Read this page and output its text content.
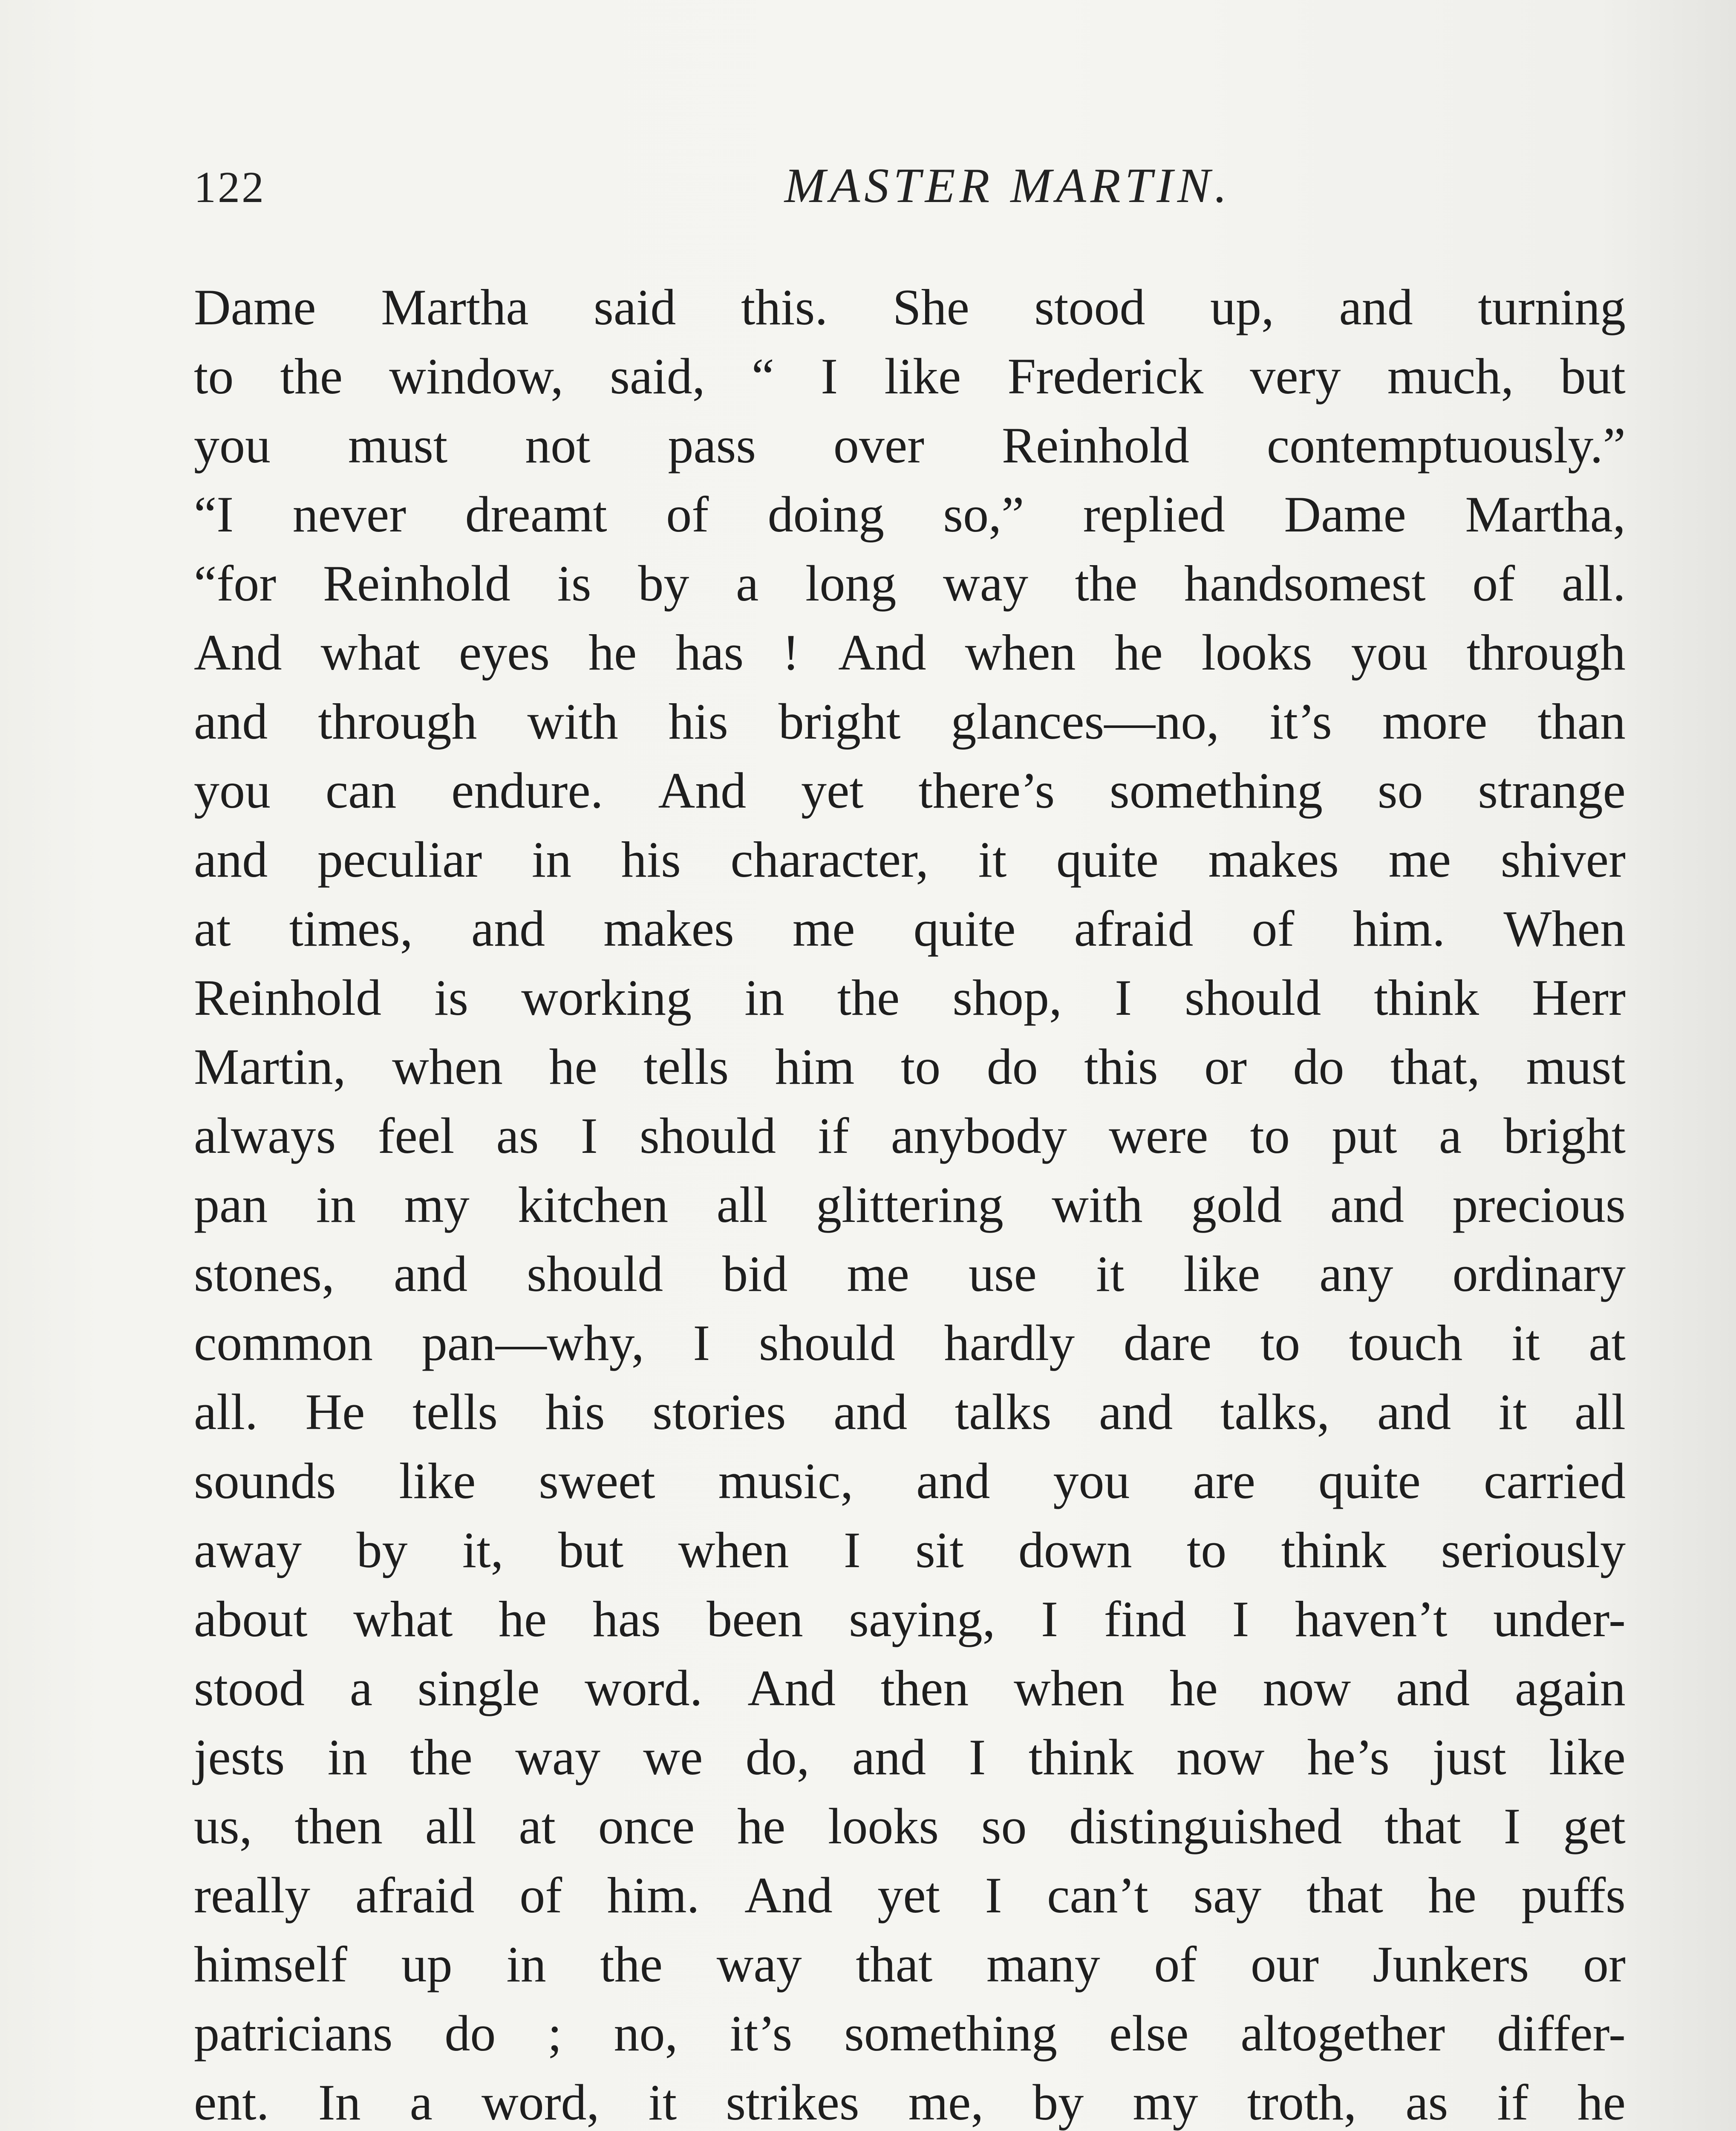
122	MASTER MARTIN.
Dame Martha said this. She stood up, and turning
to the window, said, “ I like Frederick very much, but
you must not pass over Reinhold contemptuously.”
“I never dreamt of doing so,” replied Dame Martha,
“for Reinhold is by a long way the handsomest of all.
And what eyes he has ! And when he looks you through
and through with his bright glances—no, it’s more than
you can endure. And yet there’s something so strange
and peculiar in his character, it quite makes me shiver
at times, and makes me quite afraid of him. When
Reinhold is working in the shop, I should think Herr
Martin, when he tells him to do this or do that, must
always feel as I should if anybody were to put a bright
pan in my kitchen all glittering with gold and precious
stones, and should bid me use it like any ordinary
common pan—why, I should hardly dare to touch it at
all. He tells his stories and talks and talks, and it all
sounds like sweet music, and you are quite carried
away by it, but when I sit down to think seriously
about what he has been saying, I find I haven’t under-
stood a single word. And then when he now and again
jests in the way we do, and I think now he’s just like
us, then all at once he looks so distinguished that I get
really afraid of him. And yet I can’t say that he puffs
himself up in the way that many of our Junkers or
patricians do ; no, it’s something else altogether differ-
ent. In a word, it strikes me, by my troth, as if he
